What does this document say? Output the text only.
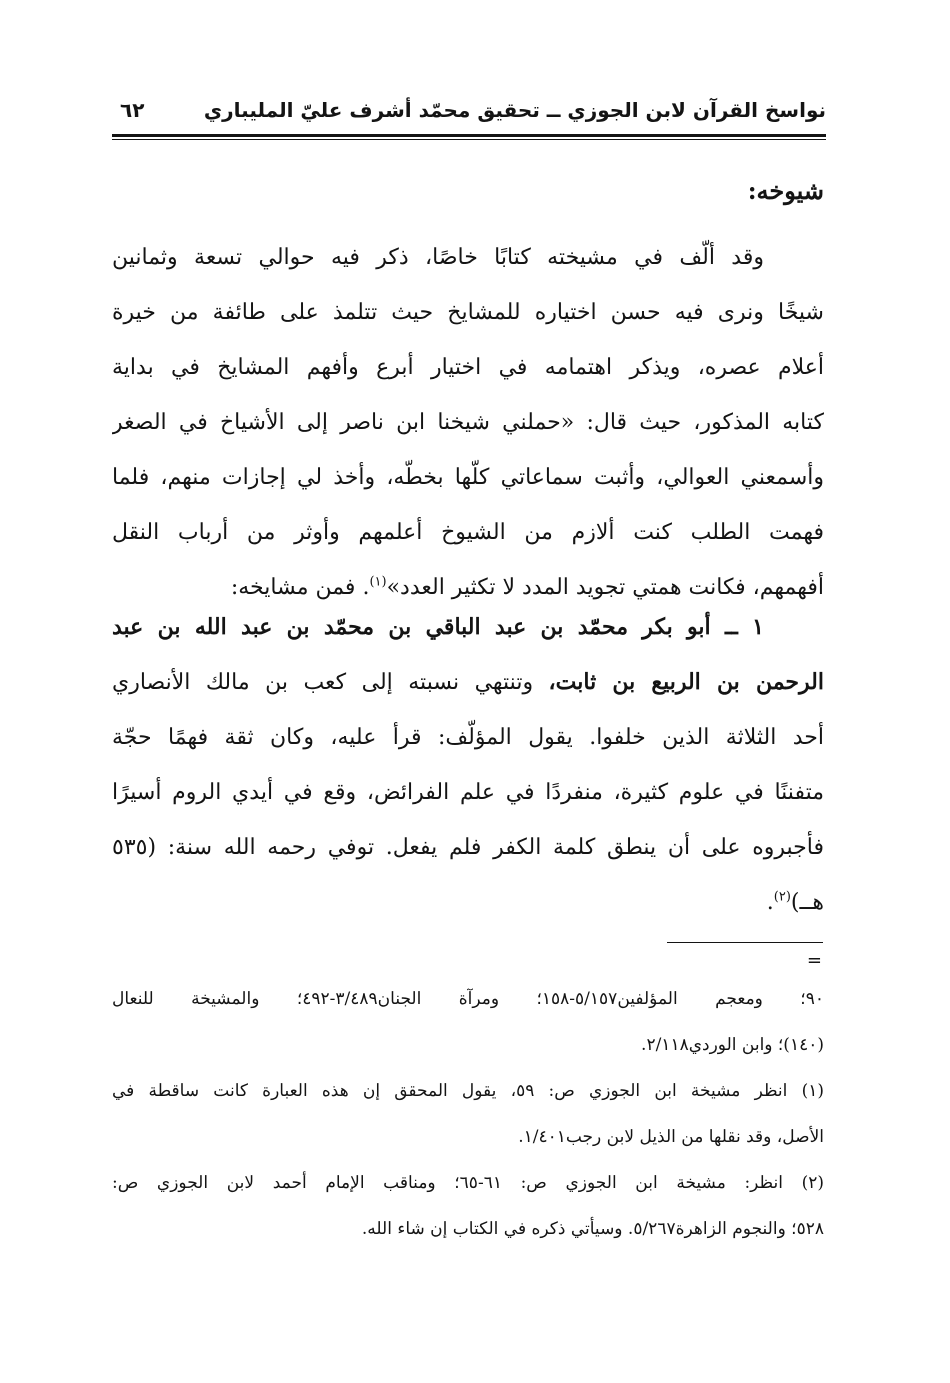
نواسخ القرآن لابن الجوزي ــ تحقيق محمّد أشرف عليّ المليباري
٦٢
شيوخه:
وقد ألّف في مشيخته كتابًا خاصًا، ذكر فيه حوالي تسعة وثمانين
شيخًا ونرى فيه حسن اختياره للمشايخ حيث تتلمذ على طائفة من خيرة
أعلام عصره، ويذكر اهتمامه في اختيار أبرع وأفهم المشايخ في بداية
كتابه المذكور، حيث قال: «حملني شيخنا ابن ناصر إلى الأشياخ في الصغر
وأسمعني العوالي، وأثبت سماعاتي كلّها بخطّه، وأخذ لي إجازات منهم، فلما
فهمت الطلب كنت ألازم من الشيوخ أعلمهم وأوثر من أرباب النقل
أفهمهم، فكانت همتي تجويد المدد لا تكثير العدد»$^{(١)}$. فمن مشايخه:
١ ــ أبو بكر محمّد بن عبد الباقي بن محمّد بن عبد الله بن عبد
الرحمن بن الربيع بن ثابت، وتنتهي نسبته إلى كعب بن مالك الأنصاري
أحد الثلاثة الذين خلفوا. يقول المؤلّف: قرأ عليه، وكان ثقة فهمًا حجّة
متفننًا في علوم كثيرة، منفردًا في علم الفرائض، وقع في أيدي الروم أسيرًا
فأجبروه على أن ينطق كلمة الكفر فلم يفعل. توفي رحمه الله سنة: (٥٣٥
هــ)$^{(٢)}$.
=
٩٠؛ ومعجم المؤلفين٥/١٥٧-١٥٨؛ ومرآة الجنان٣/٤٨٩-٤٩٢؛ والمشيخة للنعال
(١٤٠)؛ وابن الوردي٢/١١٨.
(١) انظر مشيخة ابن الجوزي ص: ٥٩، يقول المحقق إن هذه العبارة كانت ساقطة في
الأصل، وقد نقلها من الذيل لابن رجب١/٤٠١.
(٢) انظر: مشيخة ابن الجوزي ص: ٦١-٦٥؛ ومناقب الإمام أحمد لابن الجوزي ص:
٥٢٨؛ والنجوم الزاهرة٥/٢٦٧. وسيأتي ذكره في الكتاب إن شاء الله.
